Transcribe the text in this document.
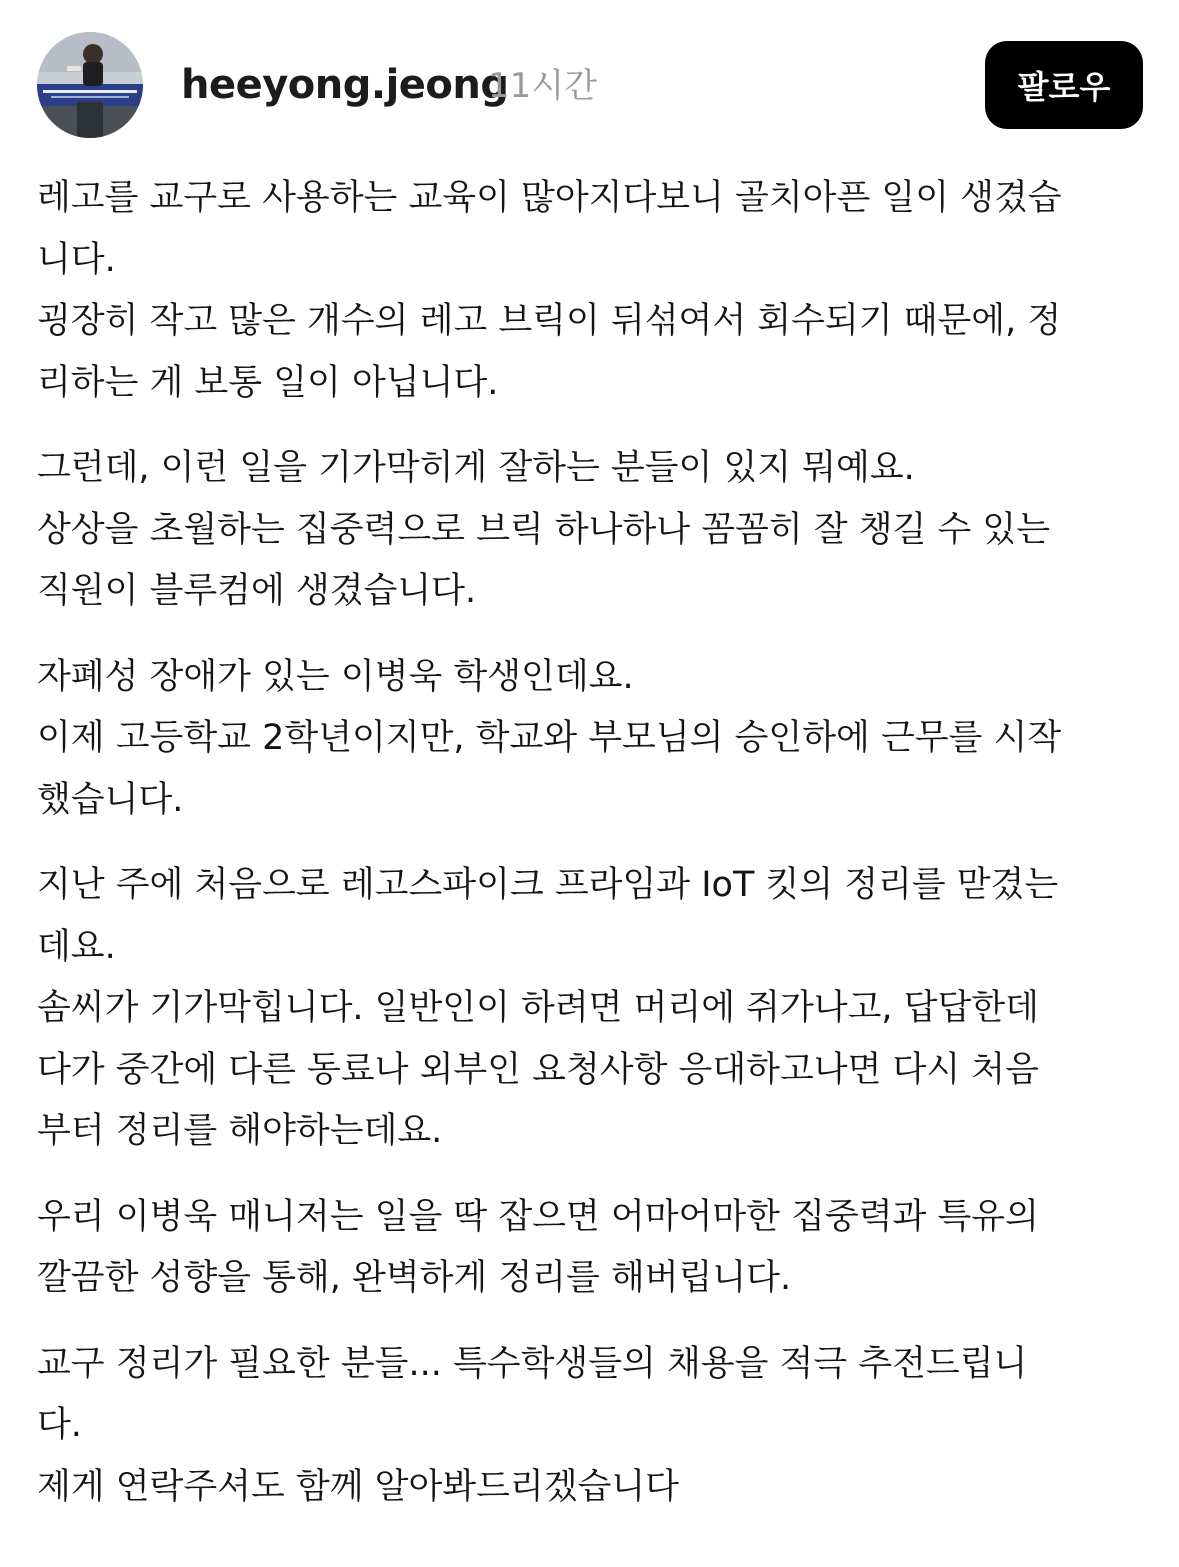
heeyong.jeong
11시간	팔로우
레고를 교구로 사용하는 교육이 많아지다보니 골치아픈 일이 생겼습
니다.
굉장히 작고 많은 개수의 레고 브릭이 뒤섞여서 회수되기 때문에, 정
리하는 게 보통 일이 아닙니다.
그런데, 이런 일을 기가막히게 잘하는 분들이 있지 뭐예요.
상상을 초월하는 집중력으로 브릭 하나하나 꼼꼼히 잘 챙길 수 있는
직원이 블루컴에 생겼습니다.
자폐성 장애가 있는 이병욱 학생인데요.
이제 고등학교 2학년이지만, 학교와 부모님의 승인하에 근무를 시작
했습니다.
지난 주에 처음으로 레고스파이크 프라임과 IoT 킷의 정리를 맏겼는
데요.
솜씨가 기가막힙니다. 일반인이 하려면 머리에 쥐가나고, 답답한데
다가 중간에 다른 동료나 외부인 요청사항 응대하고나면 다시 처음
부터 정리를 해야하는데요.
우리 이병욱 매니저는 일을 딱 잡으면 어마어마한 집중력과 특유의
깔끔한 성향을 통해, 완벽하게 정리를 해버립니다.
교구 정리가 필요한 분들... 특수학생들의 채용을 적극 추전드립니
다.
제게 연락주셔도 함께 알아봐드리겠습니다
